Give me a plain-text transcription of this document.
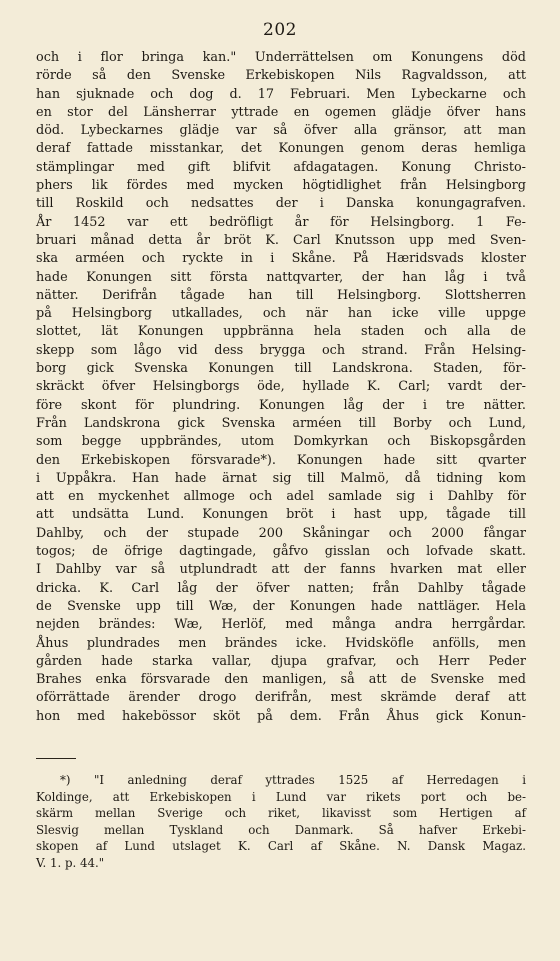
202
och i flor bringa kan." Underrättelsen om Konungens död
rörde så den Svenske Erkebiskopen Nils Ragvaldsson, att
han sjuknade och dog d. 17 Februari. Men Lybeckarne och
en stor del Länsherrar yttrade en ogemen glädje öfver hans
död. Lybeckarnes glädje var så öfver alla gränsor, att man
deraf fattade misstankar, det Konungen genom deras hemliga
stämplingar med gift blifvit afdagatagen. Konung Christo-
phers lik fördes med mycken högtidlighet från Helsingborg
till Roskild och nedsattes der i Danska konungagrafven.
År 1452 var ett bedröfligt år för Helsingborg. 1 Fe-
bruari månad detta år bröt K. Carl Knutsson upp med Sven-
ska arméen och ryckte in i Skåne. På Hæridsvads kloster
hade Konungen sitt första nattqvarter, der han låg i två
nätter. Derifrån tågade han till Helsingborg. Slottsherren
på Helsingborg utkallades, och när han icke ville uppge
slottet, lät Konungen uppbränna hela staden och alla de
skepp som lågo vid dess brygga och strand. Från Helsing-
borg gick Svenska Konungen till Landskrona. Staden, för-
skräckt öfver Helsingborgs öde, hyllade K. Carl; vardt der-
före skont för plundring. Konungen låg der i tre nätter.
Från Landskrona gick Svenska arméen till Borby och Lund,
som begge uppbrändes, utom Domkyrkan och Biskopsgården
den Erkebiskopen försvarade*). Konungen hade sitt qvarter
i Uppåkra. Han hade ärnat sig till Malmö, då tidning kom
att en myckenhet allmoge och adel samlade sig i Dahlby för
att undsätta Lund. Konungen bröt i hast upp, tågade till
Dahlby, och der stupade 200 Skåningar och 2000 fångar
togos; de öfrige dagtingade, gåfvo gisslan och lofvade skatt.
I Dahlby var så utplundradt att der fanns hvarken mat eller
dricka. K. Carl låg der öfver natten; från Dahlby tågade
de Svenske upp till Wæ, der Konungen hade nattläger. Hela
nejden brändes: Wæ, Herlöf, med många andra herrgårdar.
Åhus plundrades men brändes icke. Hvidsköfle anfölls, men
gården hade starka vallar, djupa grafvar, och Herr Peder
Brahes enka försvarade den manligen, så att de Svenske med
oförrättade ärender drogo derifrån, mest skrämde deraf att
hon med hakebössor sköt på dem. Från Åhus gick Konun-
*) "I anledning deraf yttrades 1525 af Herredagen i
Koldinge, att Erkebiskopen i Lund var rikets port och be-
skärm mellan Sverige och riket, likavisst som Hertigen af
Slesvig mellan Tyskland och Danmark. Så hafver Erkebi-
skopen af Lund utslaget K. Carl af Skåne. N. Dansk Magaz.
V. 1. p. 44."
